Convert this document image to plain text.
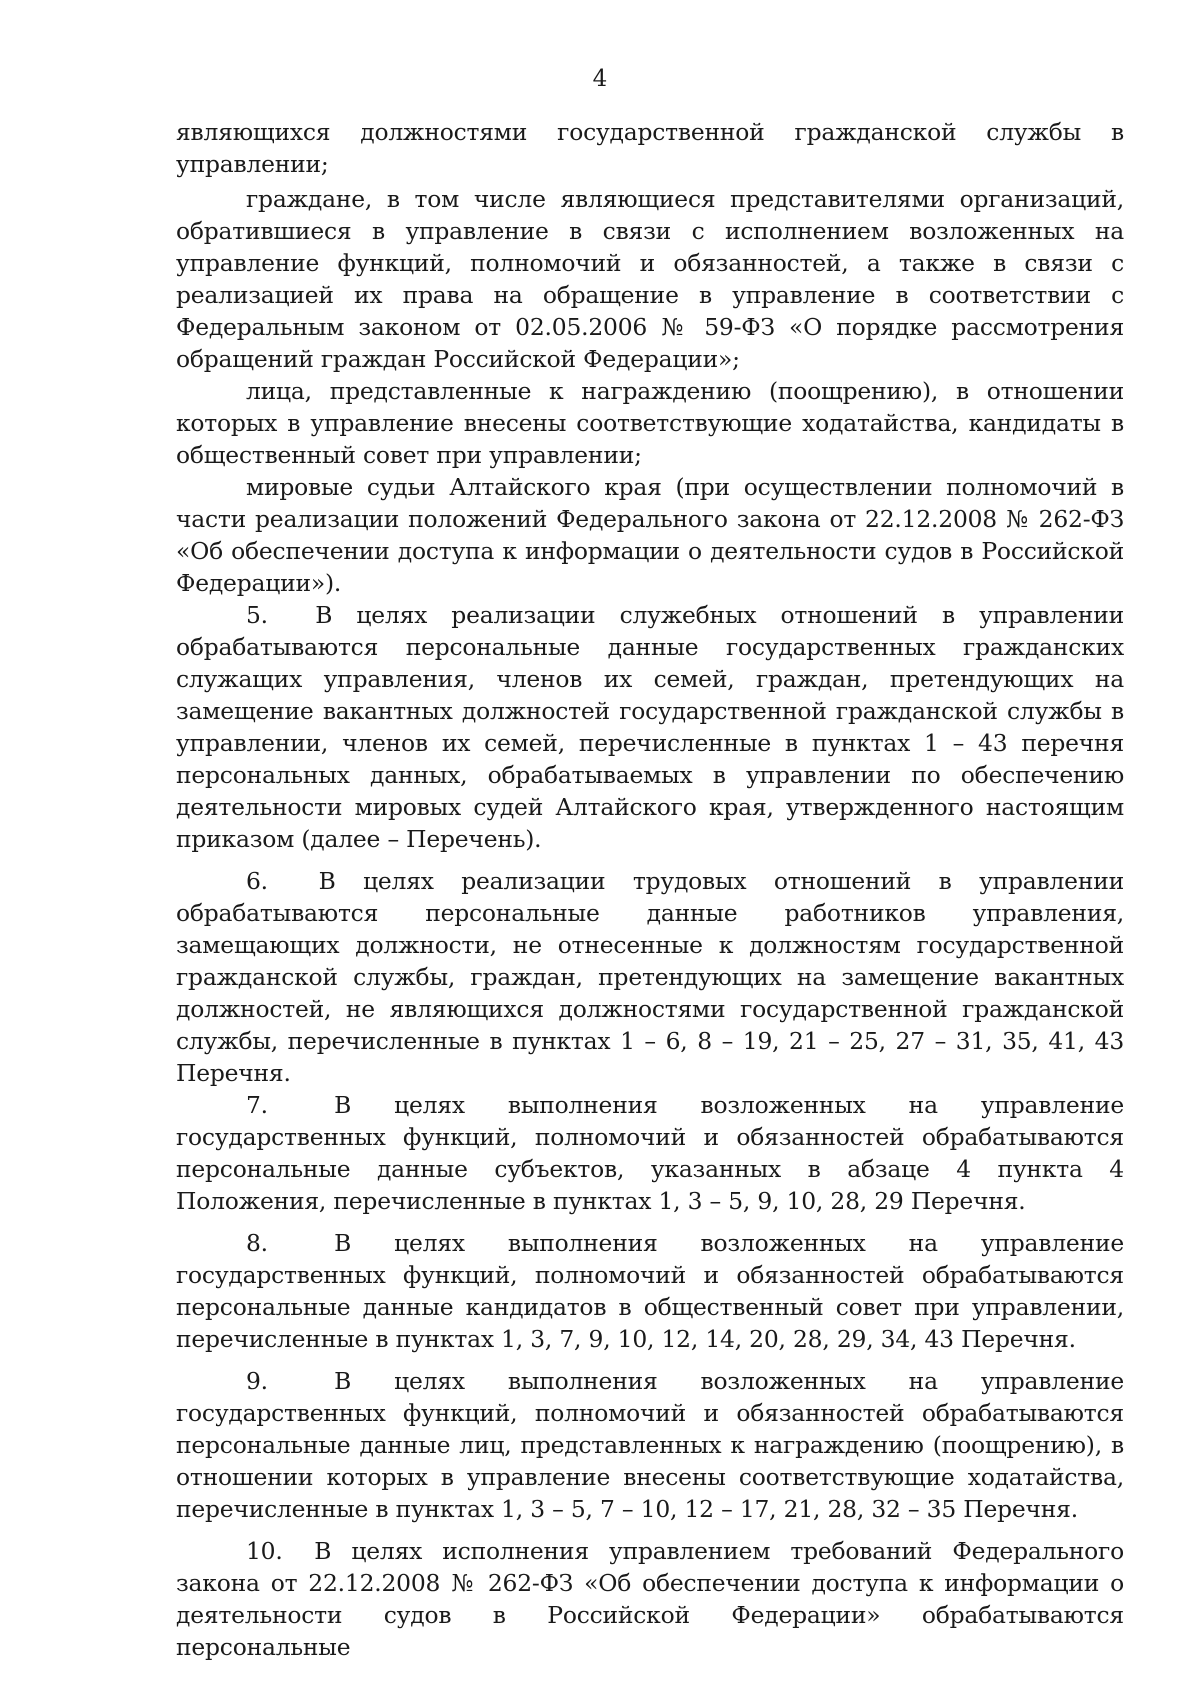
4

являющихся должностями государственной гражданской службы в управлении;

граждане, в том числе являющиеся представителями организаций, обратившиеся в управление в связи с исполнением возложенных на управление функций, полномочий и обязанностей, а также в связи с реализацией их права на обращение в управление в соответствии с Федеральным законом от 02.05.2006 № 59-ФЗ «О порядке рассмотрения обращений граждан Российской Федерации»;

лица, представленные к награждению (поощрению), в отношении которых в управление внесены соответствующие ходатайства, кандидаты в общественный совет при управлении;

мировые судьи Алтайского края (при осуществлении полномочий в части реализации положений Федерального закона от 22.12.2008 № 262-ФЗ «Об обеспечении доступа к информации о деятельности судов в Российской Федерации»).

5.  В целях реализации служебных отношений в управлении обрабатываются персональные данные государственных гражданских служащих управления, членов их семей, граждан, претендующих на замещение вакантных должностей государственной гражданской службы в управлении, членов их семей, перечисленные в пунктах 1 – 43 перечня персональных данных, обрабатываемых в управлении по обеспечению деятельности мировых судей Алтайского края, утвержденного настоящим приказом (далее – Перечень).

6.  В целях реализации трудовых отношений в управлении обрабатываются персональные данные работников управления, замещающих должности, не отнесенные к должностям государственной гражданской службы, граждан, претендующих на замещение вакантных должностей, не являющихся должностями государственной гражданской службы, перечисленные в пунктах 1 – 6, 8 – 19, 21 – 25, 27 – 31, 35, 41, 43 Перечня.

7.  В целях выполнения возложенных на управление государственных функций, полномочий и обязанностей обрабатываются персональные данные субъектов, указанных в абзаце 4 пункта 4 Положения, перечисленные в пунктах 1, 3 – 5, 9, 10, 28, 29 Перечня.

8.  В целях выполнения возложенных на управление государственных функций, полномочий и обязанностей обрабатываются персональные данные кандидатов в общественный совет при управлении, перечисленные в пунктах 1, 3, 7, 9, 10, 12, 14, 20, 28, 29, 34, 43 Перечня.

9.  В целях выполнения возложенных на управление государственных функций, полномочий и обязанностей обрабатываются персональные данные лиц, представленных к награждению (поощрению), в отношении которых в управление внесены соответствующие ходатайства, перечисленные в пунктах 1, 3 – 5, 7 – 10, 12 – 17, 21, 28, 32 – 35 Перечня.

10.  В целях исполнения управлением требований Федерального закона от 22.12.2008 № 262-ФЗ «Об обеспечении доступа к информации о деятельности судов в Российской Федерации» обрабатываются персональные
